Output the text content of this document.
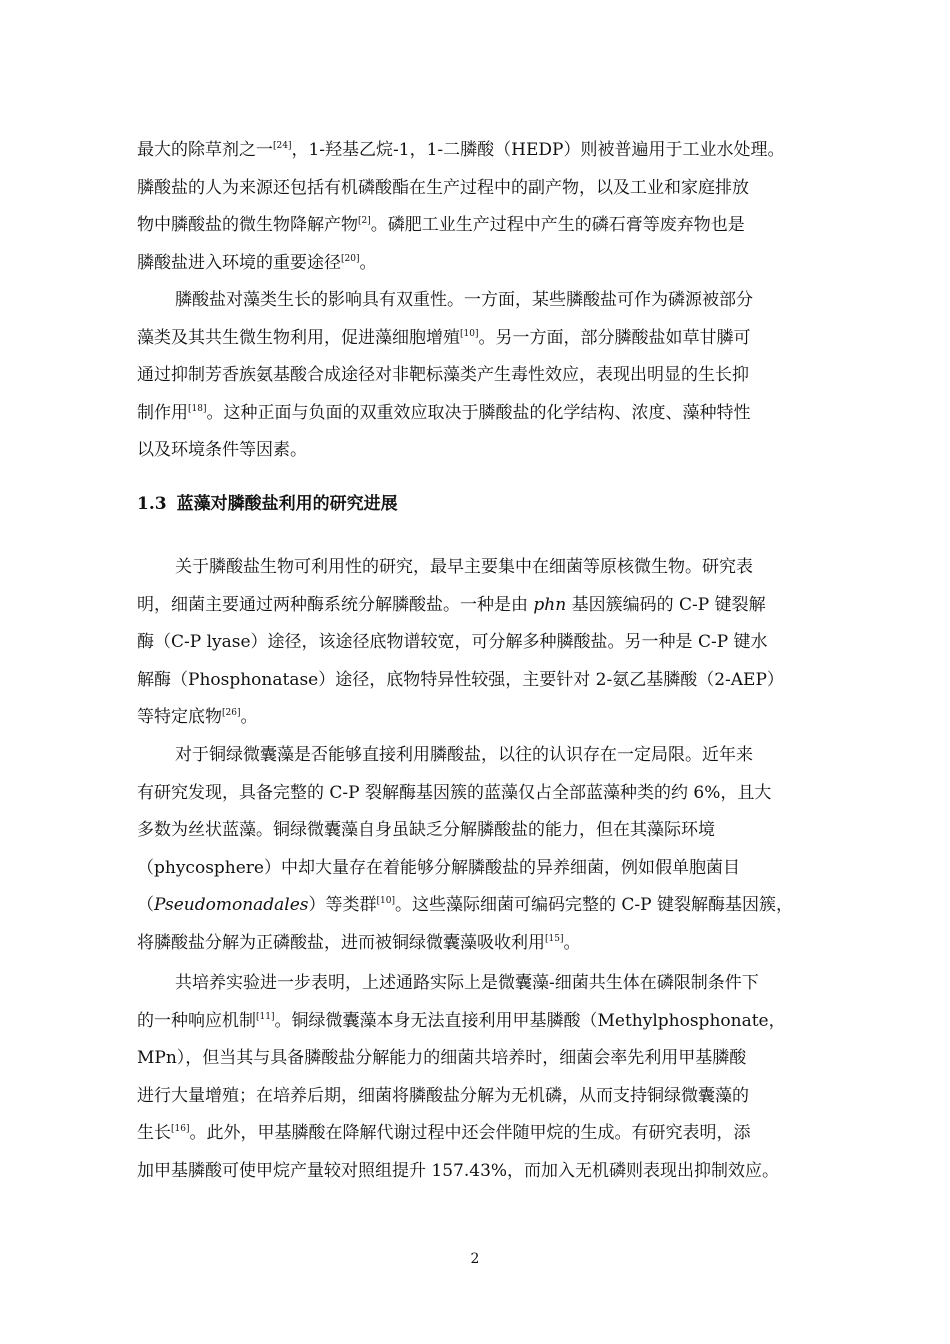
最大的除草剂之一[24]，1-羟基乙烷-1，1-二膦酸（HEDP）则被普遍用于工业水处理。
膦酸盐的人为来源还包括有机磷酸酯在生产过程中的副产物，以及工业和家庭排放
物中膦酸盐的微生物降解产物[2]。磷肥工业生产过程中产生的磷石膏等废弃物也是
膦酸盐进入环境的重要途径[20]。
膦酸盐对藻类生长的影响具有双重性。一方面，某些膦酸盐可作为磷源被部分
藻类及其共生微生物利用，促进藻细胞增殖[10]。另一方面，部分膦酸盐如草甘膦可
通过抑制芳香族氨基酸合成途径对非靶标藻类产生毒性效应，表现出明显的生长抑
制作用[18]。这种正面与负面的双重效应取决于膦酸盐的化学结构、浓度、藻种特性
以及环境条件等因素。
关于膦酸盐生物可利用性的研究，最早主要集中在细菌等原核微生物。研究表
明，细菌主要通过两种酶系统分解膦酸盐。一种是由 phn 基因簇编码的 C-P 键裂解
酶（C-P lyase）途径，该途径底物谱较宽，可分解多种膦酸盐。另一种是 C-P 键水
解酶（Phosphonatase）途径，底物特异性较强，主要针对 2-氨乙基膦酸（2-AEP）
等特定底物[26]。
对于铜绿微囊藻是否能够直接利用膦酸盐，以往的认识存在一定局限。近年来
有研究发现，具备完整的 C-P 裂解酶基因簇的蓝藻仅占全部蓝藻种类的约 6%，且大
多数为丝状蓝藻。铜绿微囊藻自身虽缺乏分解膦酸盐的能力，但在其藻际环境
（phycosphere）中却大量存在着能够分解膦酸盐的异养细菌，例如假单胞菌目
（Pseudomonadales）等类群[10]。这些藻际细菌可编码完整的 C-P 键裂解酶基因簇，
将膦酸盐分解为正磷酸盐，进而被铜绿微囊藻吸收利用[15]。
共培养实验进一步表明，上述通路实际上是微囊藻-细菌共生体在磷限制条件下
的一种响应机制[11]。铜绿微囊藻本身无法直接利用甲基膦酸（Methylphosphonate，
MPn），但当其与具备膦酸盐分解能力的细菌共培养时，细菌会率先利用甲基膦酸
进行大量增殖；在培养后期，细菌将膦酸盐分解为无机磷，从而支持铜绿微囊藻的
生长[16]。此外，甲基膦酸在降解代谢过程中还会伴随甲烷的生成。有研究表明，添
加甲基膦酸可使甲烷产量较对照组提升 157.43%，而加入无机磷则表现出抑制效应。
1.3 蓝藻对膦酸盐利用的研究进展

2
